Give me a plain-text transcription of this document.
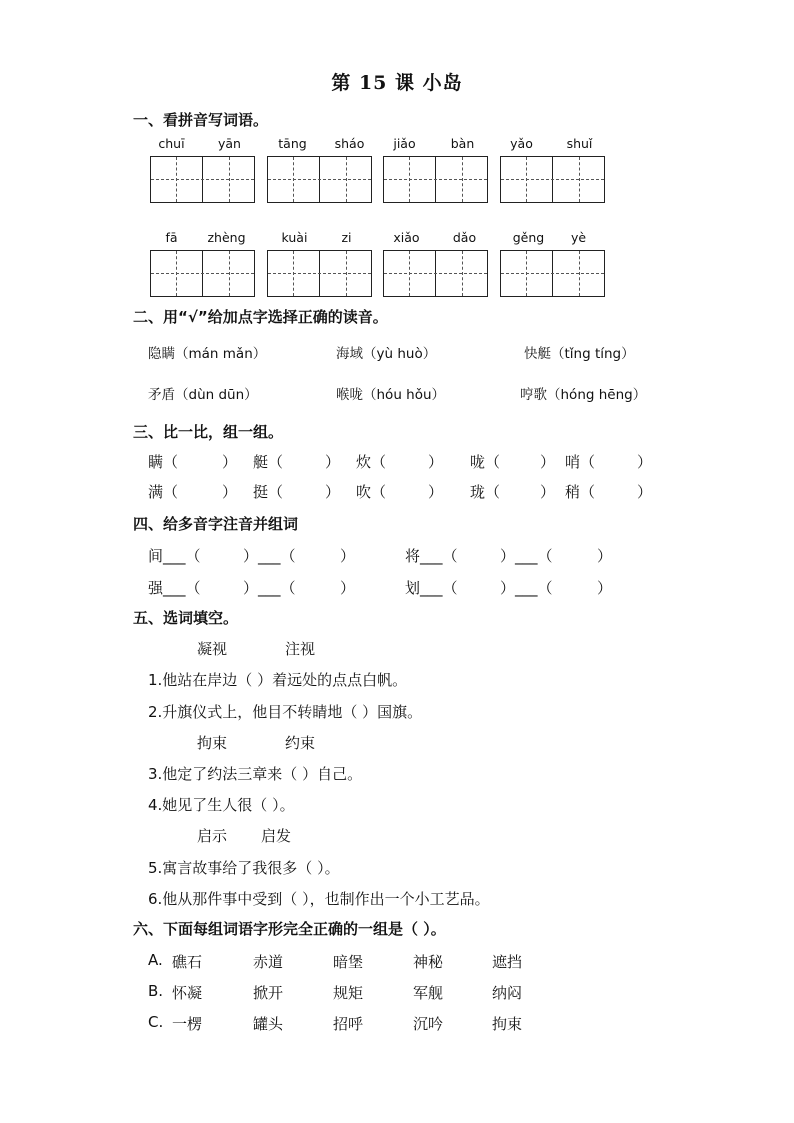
第 15 课 小岛
一、看拼音写词语。
chuī	yān	tāng	sháo	jiǎo	bàn	yǎo	shuǐ
fā	zhèng	kuài	zi	xiǎo	dǎo	gěng	yè
二、用“√”给加点字选择正确的读音。
隐瞒（mán mǎn）	海域（yù huò）	快艇（tǐng tíng）
矛盾（dùn dūn）	喉咙（hóu hǒu）	哼歌（hóng hēng）
三、比一比，组一组。
瞒（	） 艇（	） 炊（	） 咙（	） 哨（	）
满（	） 挺（	） 吹（	） 珑（	） 稍（	）
四、给多音字注音并组词
间 ___（	） ___（	）	将 ___（	） ___（	）
强 ___（	） ___（	）	划 ___（	） ___（	）
五、选词填空。
凝视	注视
1.他站在岸边（ ）着远处的点点白帆。
2.升旗仪式上，他目不转睛地（ ）国旗。
拘束	约束
3.他定了约法三章来（ ）自己。
4.她见了生人很（ ）。
启示 启发
5.寓言故事给了我很多（ ）。
6.他从那件事中受到（ ），也制作出一个小工艺品。
六、下面每组词语字形完全正确的一组是（ ）。
A. 礁石	赤道	暗堡	神秘	遮挡
B. 怀凝	掀开	规矩	军舰	纳闷
C. 一楞	罐头	招呼	沉吟	拘束
